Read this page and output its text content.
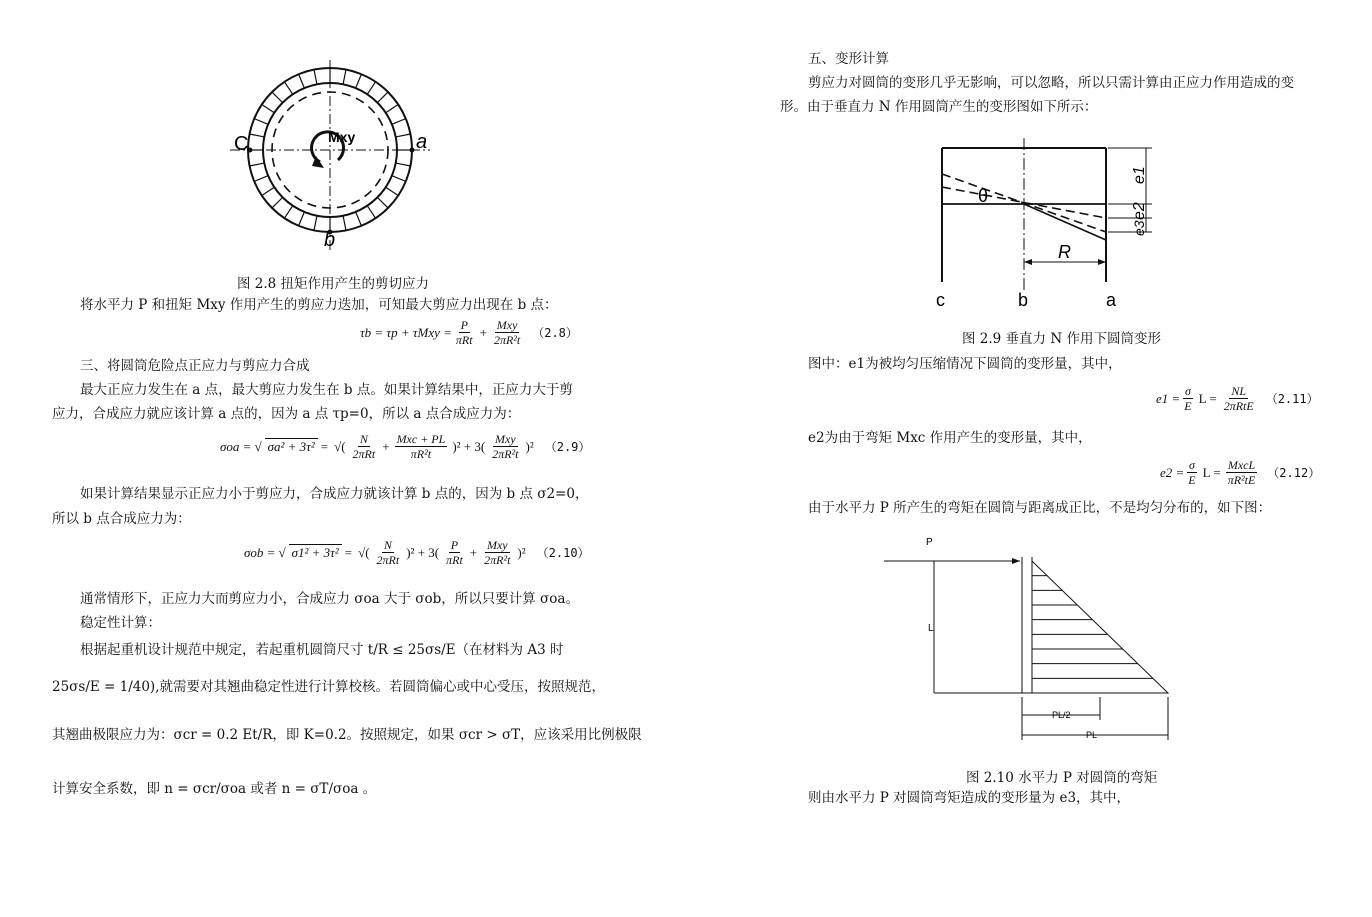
C	a
b
Mxy
图 2.8 扭矩作用产生的剪切应力
将水平力 P 和扭矩 Mxy 作用产生的剪应力迭加，可知最大剪应力出现在 b 点：
$\tau b = \tau p + \tau Mxy = \frac{P}{\text{πRt}} + \frac{\text{Mxy}}{\text{2πR²t}} (2.8)$
三、将圆筒危险点正应力与剪应力合成
最大正应力发生在 a 点，最大剪应力发生在 b 点。如果计算结果中，正应力大于剪
应力，合成应力就应该计算 a 点的，因为 a 点 τp=0，所以 a 点合成应力为：
σoa = √ σa² + 3τ² = √( $\frac{N}{\text{2πRt}} + \frac{\text{Mxc + PL}}{\text{πR²t}} )^2 + 3( \frac{\text{Mxy}}{\text{2πR²t}} )^2$ （2.9）
如果计算结果显示正应力小于剪应力，合成应力就该计算 b 点的，因为 b 点 σ2=0，
所以 b 点合成应力为：
σob = √ σ1² + 3τ² = √( $\frac{N}{\text{2πRt}} )^2 + 3( \frac{P}{\text{πRt}} + \frac{\text{Mxy}}{\text{2πR²t}} )^2$ （2.10）
通常情形下，正应力大而剪应力小，合成应力 σoa 大于 σob，所以只要计算 σoa。
稳定性计算：
根据起重机设计规范中规定，若起重机圆筒尺寸 t/R ≤ 25σs/E（在材料为 A3 时
25σs/E = 1/40),就需要对其翘曲稳定性进行计算校核。若圆筒偏心或中心受压，按照规范，
其翘曲极限应力为：σcr = 0.2 Et/R，即 K=0.2。按照规定，如果 σcr > σT，应该采用比例极限
计算安全系数，即 n = σcr/σoa 或者 n = σT/σoa 。
五、变形计算
剪应力对圆筒的变形几乎无影响，可以忽略，所以只需计算由正应力作用造成的变
形。由于垂直力 N 作用圆筒产生的变形图如下所示：
θ
e1
e2
e3
R
c	b	a
图 2.9 垂直力 N 作用下圆筒变形
图中：e1为被均匀压缩情况下圆筒的变形量，其中，
$e1 = \frac{\sigma}{E}$ $L = \frac{NL}{\text{2πRtE}} (2.11)$
e2为由于弯矩 Mxc 作用产生的变形量，其中，
$e2 = \frac{\sigma}{E}$ $L = \frac{\text{MxcL}}{\text{πR²tE}} (2.12)$
由于水平力 P 所产生的弯矩在圆筒与距离成正比，不是均匀分布的，如下图：
P
L
PL/2
PL
图 2.10 水平力 P 对圆筒的弯矩
则由水平力 P 对圆筒弯矩造成的变形量为 e3，其中，
